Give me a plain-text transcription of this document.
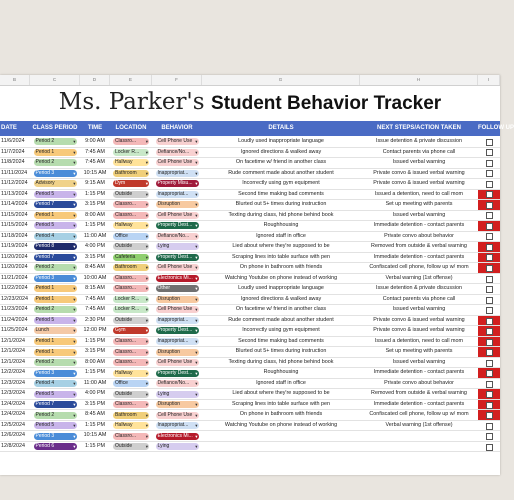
B	C	D	E	F	G	H	I
Ms. Parker's Student Behavior Tracker
DATE	CLASS PERIOD	TIME	LOCATION	BEHAVIOR	DETAILS	NEXT STEPS/ACTION TAKEN	FOLLOW UP
11/6/2024	Period 2 ▾	9:00 AM	Classro... ▾	Cell Phone Use ▾	Loudly used inappropriate language	Issue detention & private discussion
11/7/2024	Period 1 ▾	7:45 AM	Locker R... ▾	Defiance/No... ▾	Ignored directions & walked away	Contact parents via phone call
11/8/2024	Period 2 ▾	7:45 AM	Hallway ▾	Cell Phone Use ▾	On facetime w/ friend in another class	Issued verbal warning
11/11/2024	Period 3 ▾	10:15 AM	Bathroom ▾	Inappropriat... ▾	Rude comment made about another student	Private convo & issued verbal warning
11/12/2024	Advisory ▾	9:15 AM	Dym ▾	Property Misu... ▾	Incorrectly using gym equipment	Private convo & issued verbal warning
11/13/2024	Period 5 ▾	1:15 PM	Outside ▾	Inappropriat... ▾	Second time making bad comments	Issued a detention, need to call mom
11/14/2024	Period 7 ▾	3:15 PM	Classro... ▾	Disruption ▾	Blurted out 5+ times during instruction	Set up meeting with parents
11/15/2024	Period 1 ▾	8:00 AM	Classro... ▾	Cell Phone Use ▾	Texting during class, hid phone behind book	Issued verbal warning
11/15/2024	Period 5 ▾	1:15 PM	Hallway ▾	Property Dest... ▾	Roughhousing	Immediate detention - contact parents
11/18/2024	Period 4 ▾	11:00 AM	Office ▾	Defiance/No... ▾	Ignored staff in office	Private convo about behavior
11/19/2024	Period 8 ▾	4:00 PM	Outside ▾	Lying ▾	Lied about where they're supposed to be	Removed from outside & verbal warning
11/20/2024	Period 7 ▾	3:15 PM	Cafeteria ▾	Property Dest... ▾	Scraping lines into table surface with pen	Immediate detention - contact parents
11/20/2024	Period 2 ▾	8:45 AM	Bathroom ▾	Cell Phone Use ▾	On phone in bathroom with friends	Confiscated cell phone, follow up w/ mom
11/21/2024	Period 3 ▾	10:00 AM	Classro... ▾	Electronics Mi... ▾	Watching Youtube on phone instead of working	Verbal warning (1st offense)
11/22/2024	Period 1 ▾	8:15 AM	Classro... ▾	Other ▾	Loudly used inappropriate language	Issue detention & private discussion
12/23/2024	Period 1 ▾	7:45 AM	Locker R... ▾	Disruption ▾	Ignored directions & walked away	Contact parents via phone call
11/23/2024	Period 2 ▾	7:45 AM	Locker R... ▾	Cell Phone Use ▾	On facetime w/ friend in another class	Issued verbal warning
11/24/2024	Period 5 ▾	2:30 PM	Outside ▾	Inappropriat... ▾	Rude comment made about another student	Private convo & issued verbal warning
11/25/2024	Lunch ▾	12:00 PM	Gym ▾	Property Dest... ▾	Incorrectly using gym equipment	Private convo & issued verbal warning
12/1/2024	Period 1 ▾	1:15 PM	Classro... ▾	Inappropriat... ▾	Second time making bad comments	Issued a detention, need to call mom
12/1/2024	Period 1 ▾	3:15 PM	Classro... ▾	Disruption ▾	Blurted out 5+ times during instruction	Set up meeting with parents
12/1/2024	Period 2 ▾	8:00 AM	Classro... ▾	Cell Phone Use ▾	Texting during class, hid phone behind book	Issued verbal warning
12/2/2024	Period 3 ▾	1:15 PM	Hallway ▾	Property Dest... ▾	Roughhousing	Immediate detention - contact parents
12/3/2024	Period 4 ▾	11:00 AM	Office ▾	Defiance/No... ▾	Ignored staff in office	Private convo about behavior
12/3/2024	Period 5 ▾	4:00 PM	Outside ▾	Lying ▾	Lied about where they're supposed to be	Removed from outside & verbal warning
12/4/2024	Period 7 ▾	3:15 PM	Classro... ▾	Disruption ▾	Scraping lines into table surface with pen	Immediate detention - contact parents
12/4/2024	Period 2 ▾	8:45 AM	Bathroom ▾	Cell Phone Use ▾	On phone in bathroom with friends	Confiscated cell phone, follow up w/ mom
12/5/2024	Period 5 ▾	1:15 PM	Hallway ▾	Inappropriat... ▾	Watching Youtube on phone instead of working	Verbal warning (1st offense)
12/6/2024	Period 3 ▾	10:15 AM	Classro... ▾	Electronics Mi... ▾
12/8/2024	Period 6 ▾	1:15 PM	Outside ▾	Lying ▾
